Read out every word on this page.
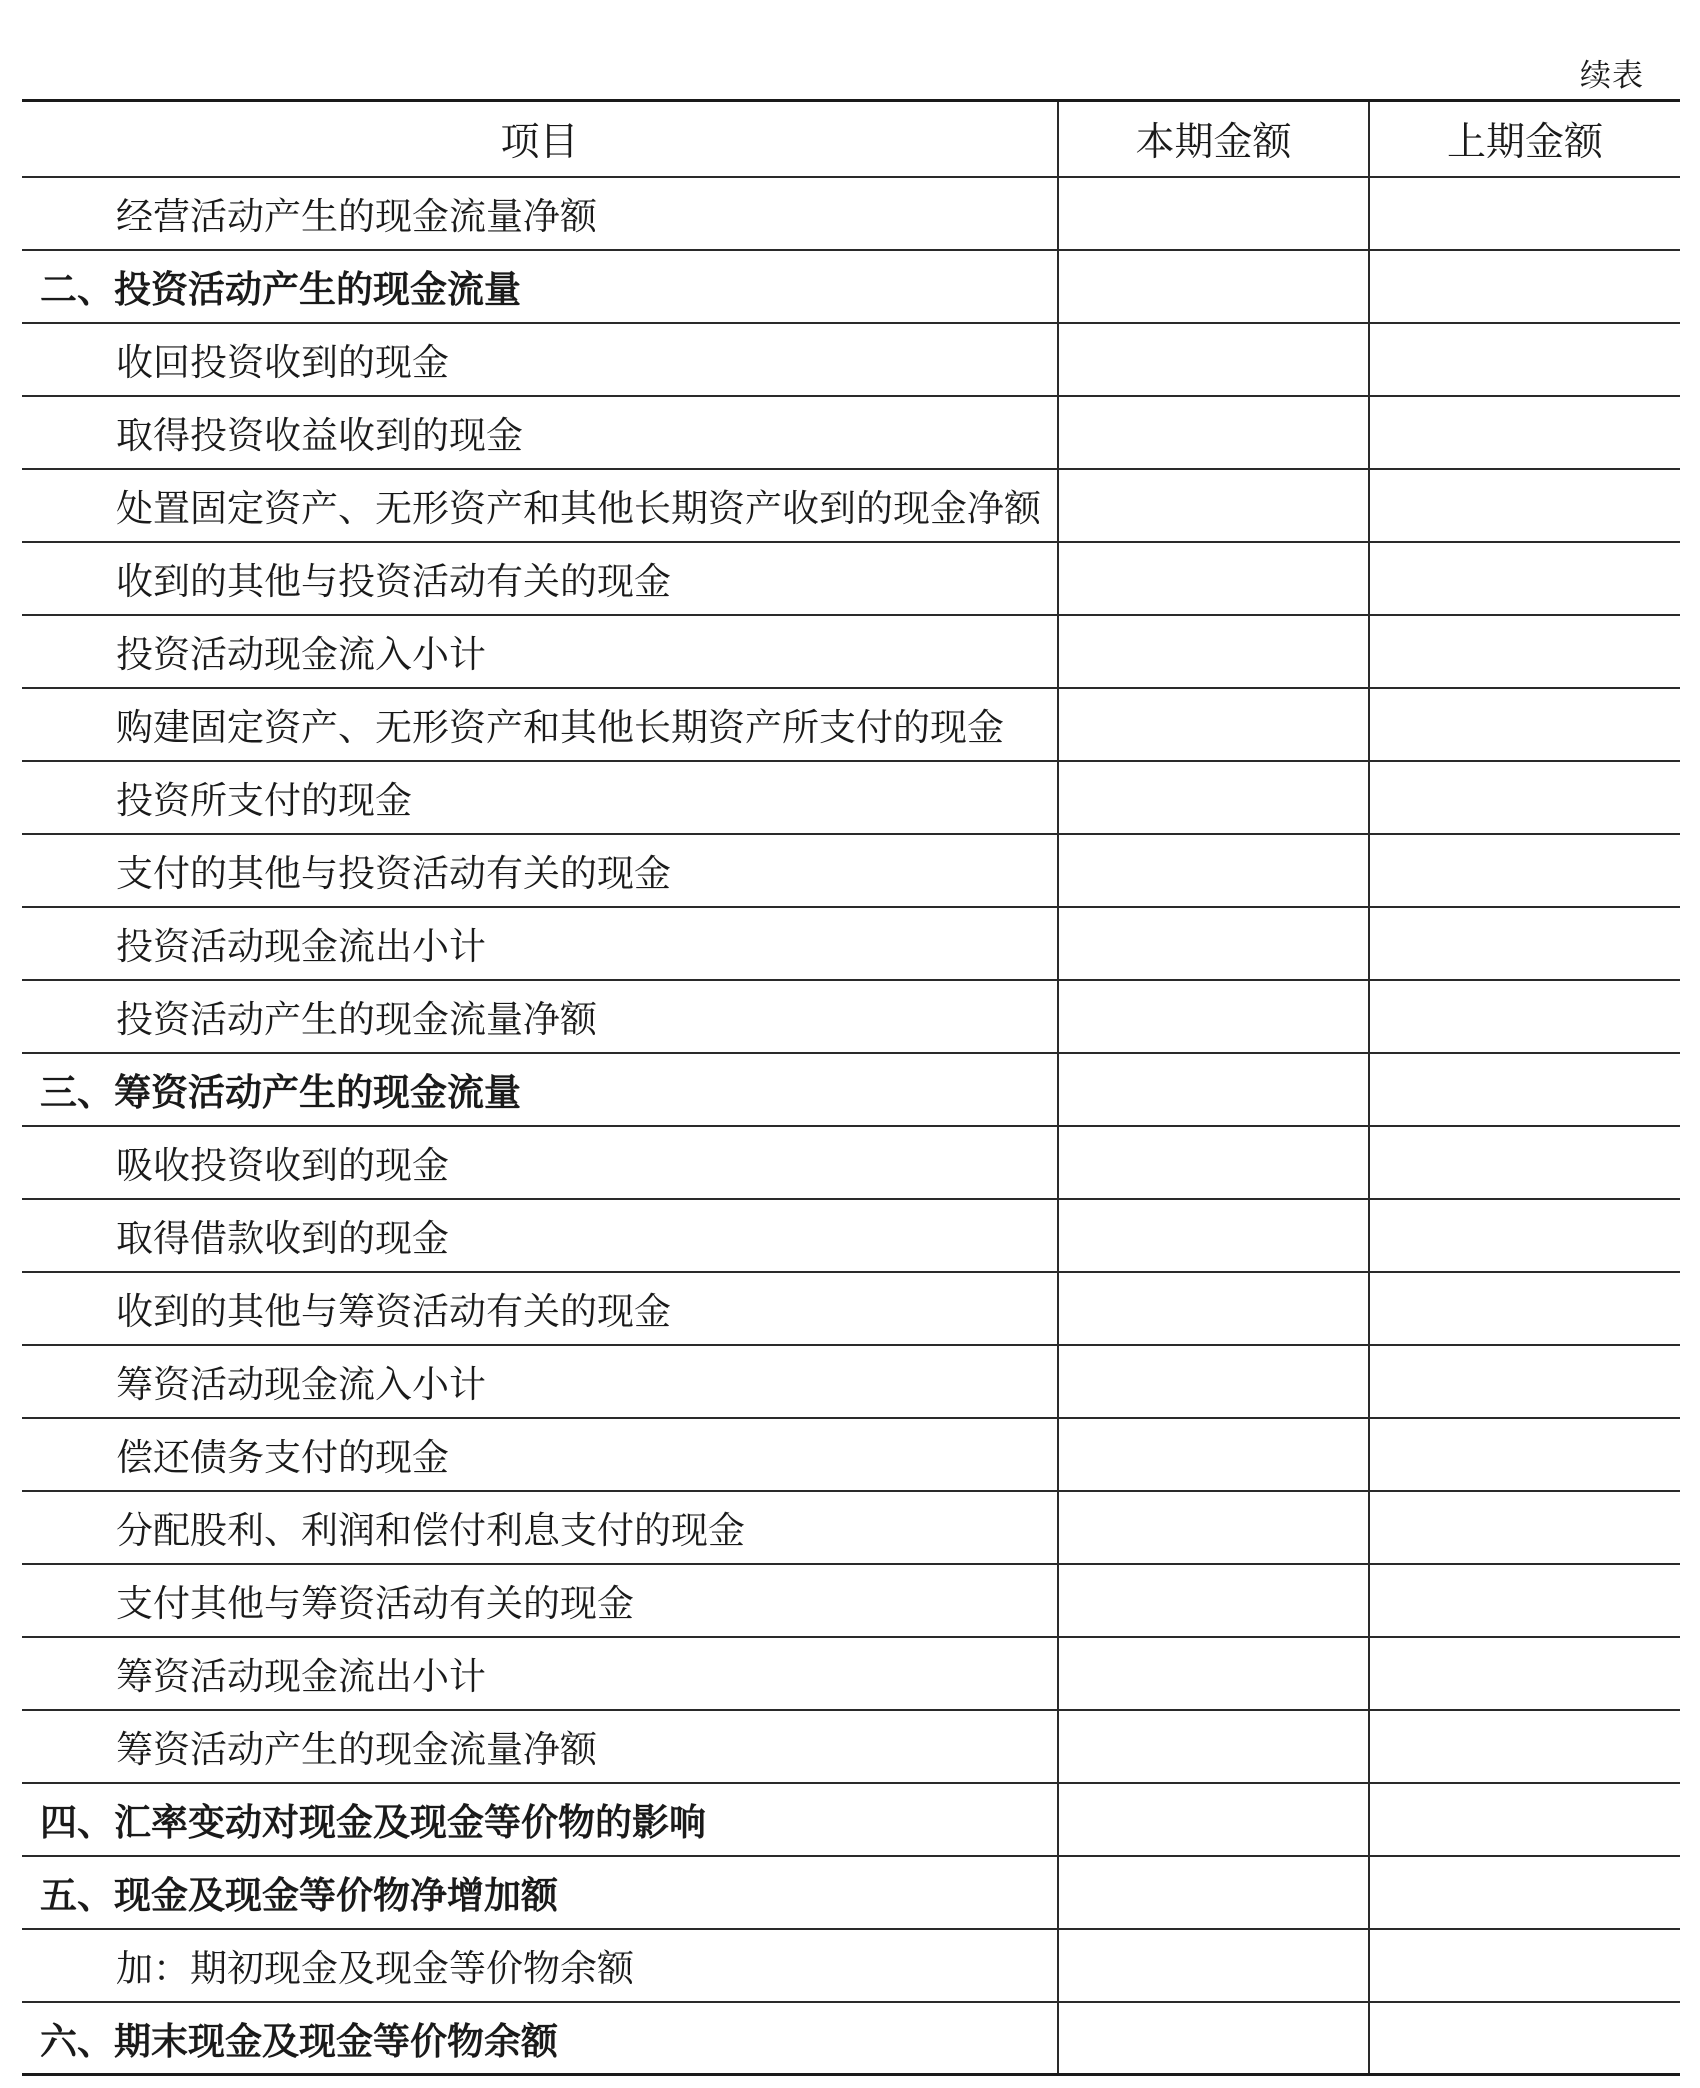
续表
项目	本期金额	上期金额
经营活动产生的现金流量净额		
二、投资活动产生的现金流量		
收回投资收到的现金		
取得投资收益收到的现金		
处置固定资产、无形资产和其他长期资产收到的现金净额		
收到的其他与投资活动有关的现金		
投资活动现金流入小计		
购建固定资产、无形资产和其他长期资产所支付的现金		
投资所支付的现金		
支付的其他与投资活动有关的现金		
投资活动现金流出小计		
投资活动产生的现金流量净额		
三、筹资活动产生的现金流量		
吸收投资收到的现金		
取得借款收到的现金		
收到的其他与筹资活动有关的现金		
筹资活动现金流入小计		
偿还债务支付的现金		
分配股利、利润和偿付利息支付的现金		
支付其他与筹资活动有关的现金		
筹资活动现金流出小计		
筹资活动产生的现金流量净额		
四、汇率变动对现金及现金等价物的影响		
五、现金及现金等价物净增加额		
加：期初现金及现金等价物余额		
六、期末现金及现金等价物余额		
